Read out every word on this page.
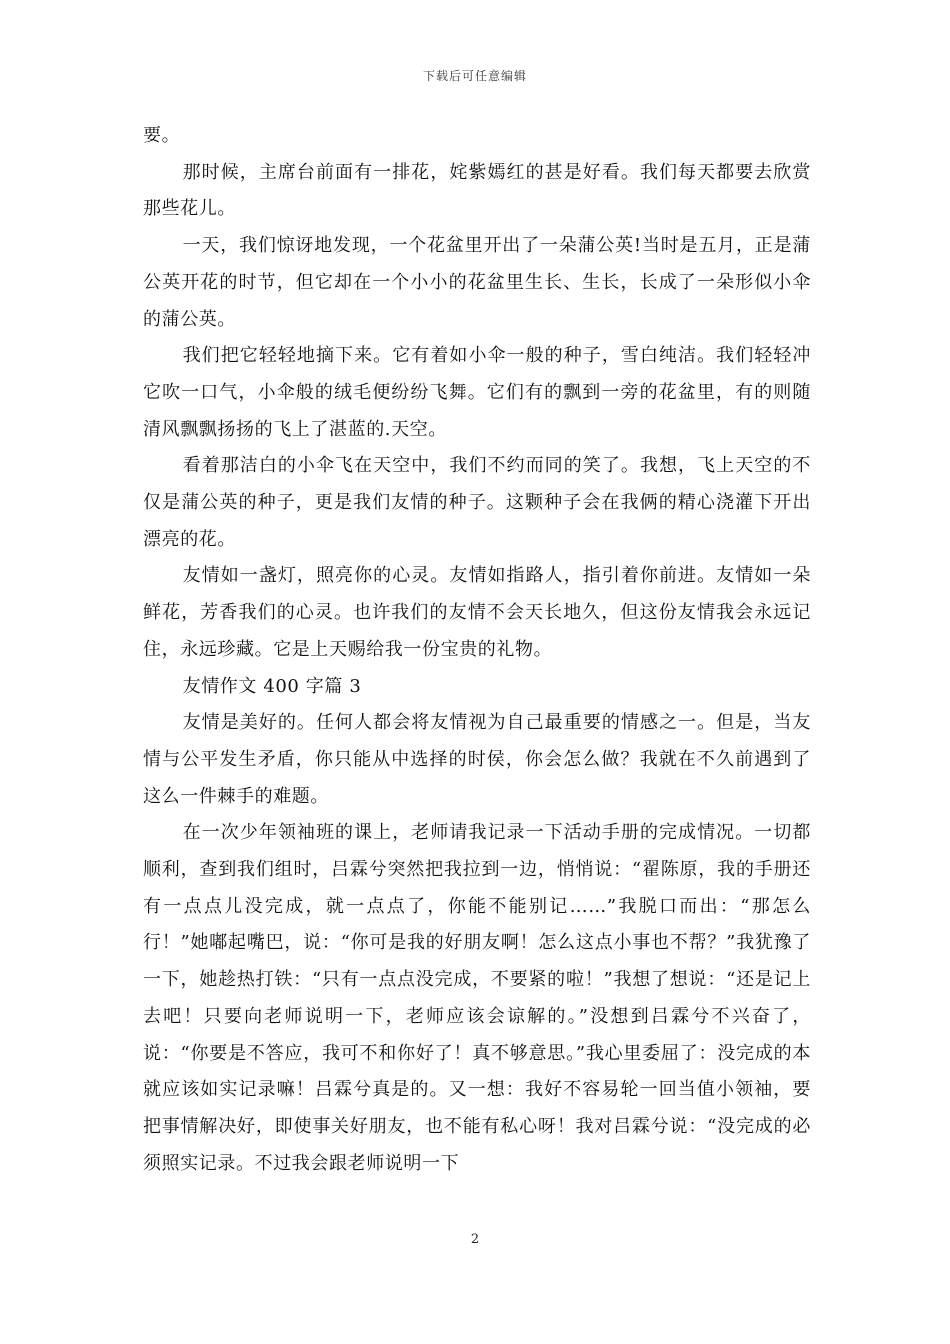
下载后可任意编辑

要。

那时候，主席台前面有一排花，姹紫嫣红的甚是好看。我们每天都要去欣赏那些花儿。

一天，我们惊讶地发现，一个花盆里开出了一朵蒲公英!当时是五月，正是蒲公英开花的时节，但它却在一个小小的花盆里生长、生长，长成了一朵形似小伞的蒲公英。

我们把它轻轻地摘下来。它有着如小伞一般的种子，雪白纯洁。我们轻轻冲它吹一口气，小伞般的绒毛便纷纷飞舞。它们有的飘到一旁的花盆里，有的则随清风飘飘扬扬的飞上了湛蓝的.天空。

看着那洁白的小伞飞在天空中，我们不约而同的笑了。我想，飞上天空的不仅是蒲公英的种子，更是我们友情的种子。这颗种子会在我俩的精心浇灌下开出漂亮的花。

友情如一盏灯，照亮你的心灵。友情如指路人，指引着你前进。友情如一朵鲜花，芳香我们的心灵。也许我们的友情不会天长地久，但这份友情我会永远记住，永远珍藏。它是上天赐给我一份宝贵的礼物。

友情作文 400 字篇 3

友情是美好的。任何人都会将友情视为自己最重要的情感之一。但是，当友情与公平发生矛盾，你只能从中选择的时侯，你会怎么做？我就在不久前遇到了这么一件棘手的难题。

在一次少年领袖班的课上，老师请我记录一下活动手册的完成情况。一切都顺利，查到我们组时，吕霖兮突然把我拉到一边，悄悄说：“翟陈原，我的手册还有一点点儿没完成，就一点点了，你能不能别记……”我脱口而出：“那怎么行！”她嘟起嘴巴，说：“你可是我的好朋友啊！怎么这点小事也不帮？”我犹豫了一下，她趁热打铁：“只有一点点没完成，不要紧的啦！”我想了想说：“还是记上去吧！只要向老师说明一下，老师应该会谅解的。”没想到吕霖兮不兴奋了，说：“你要是不答应，我可不和你好了！真不够意思。”我心里委屈了：没完成的本就应该如实记录嘛！吕霖兮真是的。又一想：我好不容易轮一回当值小领袖，要把事情解决好，即使事关好朋友，也不能有私心呀！我对吕霖兮说：“没完成的必须照实记录。不过我会跟老师说明一下

2
